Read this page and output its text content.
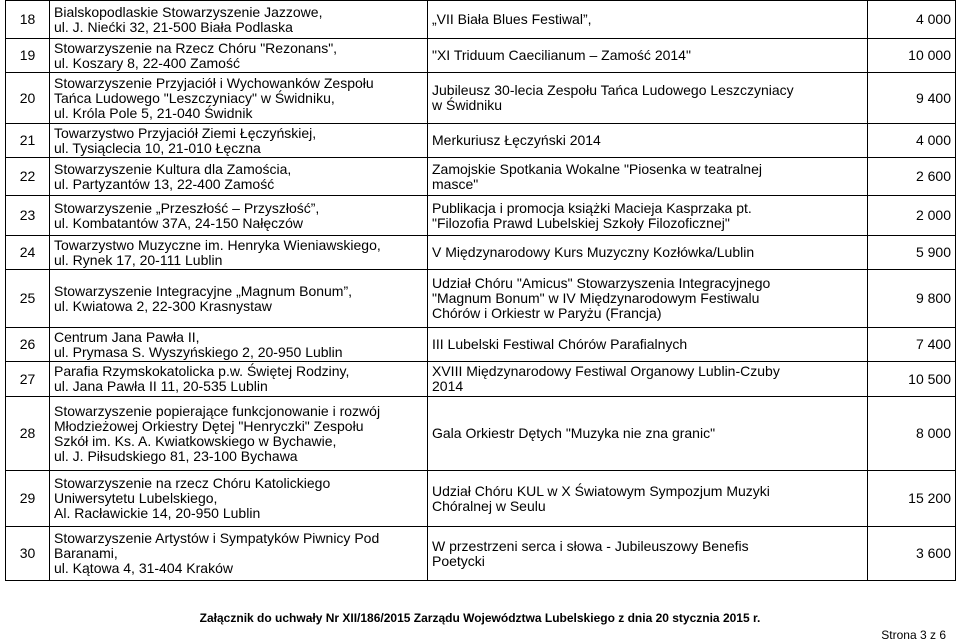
18	Bialskopodlaskie Stowarzyszenie Jazzowe,
ul. J. Niećki 32, 21-500 Biała Podlaska	„VII Biała Blues Festiwal”,	4 000
19	Stowarzyszenie na Rzecz Chóru "Rezonans",
ul. Koszary 8, 22-400 Zamość	"XI Triduum Caecilianum – Zamość 2014"	10 000
20	Stowarzyszenie Przyjaciół i Wychowanków Zespołu
Tańca Ludowego "Leszczyniacy" w Świdniku,
ul. Króla Pole 5, 21-040 Świdnik	Jubileusz 30-lecia Zespołu Tańca Ludowego Leszczyniacy
w Świdniku	9 400
21	Towarzystwo Przyjaciół Ziemi Łęczyńskiej,
ul. Tysiąclecia 10, 21-010 Łęczna	Merkuriusz Łęczyński 2014	4 000
22	Stowarzyszenie Kultura dla Zamościa,
ul. Partyzantów 13, 22-400 Zamość	Zamojskie Spotkania Wokalne "Piosenka w teatralnej
masce"	2 600
23	Stowarzyszenie „Przeszłość – Przyszłość”,
ul. Kombatantów 37A, 24-150 Nałęczów	Publikacja i promocja książki Macieja Kasprzaka pt.
"Filozofia Prawd Lubelskiej Szkoły Filozoficznej"	2 000
24	Towarzystwo Muzyczne im. Henryka Wieniawskiego,
ul. Rynek 17, 20-111 Lublin	V Międzynarodowy Kurs Muzyczny Kozłówka/Lublin	5 900
25	Stowarzyszenie Integracyjne „Magnum Bonum”,
ul. Kwiatowa 2, 22-300 Krasnystaw	Udział Chóru "Amicus" Stowarzyszenia Integracyjnego
"Magnum Bonum" w IV Międzynarodowym Festiwalu
Chórów i Orkiestr w Paryżu (Francja)	9 800
26	Centrum Jana Pawła II,
ul. Prymasa S. Wyszyńskiego 2, 20-950 Lublin	III Lubelski Festiwal Chórów Parafialnych	7 400
27	Parafia Rzymskokatolicka p.w. Świętej Rodziny,
ul. Jana Pawła II 11, 20-535 Lublin	XVIII Międzynarodowy Festiwal Organowy Lublin-Czuby
2014	10 500
28	Stowarzyszenie popierające funkcjonowanie i rozwój
Młodzieżowej Orkiestry Dętej "Henryczki" Zespołu
Szkół im. Ks. A. Kwiatkowskiego w Bychawie,
ul. J. Piłsudskiego 81, 23-100 Bychawa	Gala Orkiestr Dętych "Muzyka nie zna granic"	8 000
29	Stowarzyszenie na rzecz Chóru Katolickiego
Uniwersytetu Lubelskiego,
Al. Racławickie 14, 20-950 Lublin	Udział Chóru KUL w X Światowym Sympozjum Muzyki
Chóralnej w Seulu	15 200
30	Stowarzyszenie Artystów i Sympatyków Piwnicy Pod
Baranami,
ul. Kątowa 4, 31-404 Kraków	W przestrzeni serca i słowa - Jubileuszowy Benefis
Poetycki	3 600
Załącznik do uchwały Nr XII/186/2015 Zarządu Województwa Lubelskiego z dnia 20 stycznia 2015 r.
Strona 3 z 6
